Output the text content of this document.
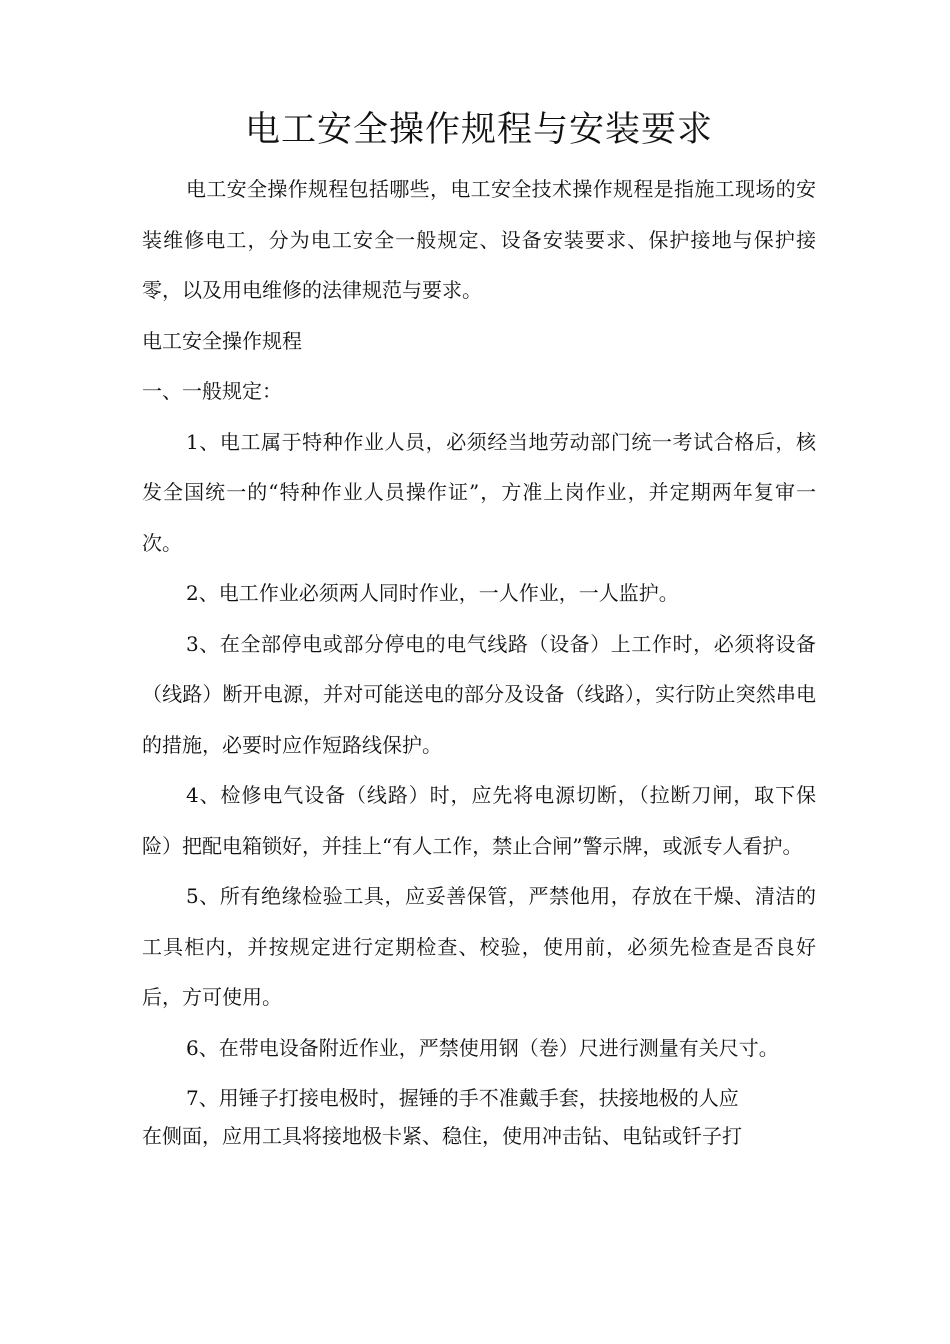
电工安全操作规程与安装要求

电工安全操作规程包括哪些，电工安全技术操作规程是指施工现场的安装维修电工，分为电工安全一般规定、设备安装要求、保护接地与保护接零，以及用电维修的法律规范与要求。

电工安全操作规程

一、一般规定：

1、电工属于特种作业人员，必须经当地劳动部门统一考试合格后，核发全国统一的“特种作业人员操作证”，方准上岗作业，并定期两年复审一次。

2、电工作业必须两人同时作业，一人作业，一人监护。

3、在全部停电或部分停电的电气线路（设备）上工作时，必须将设备（线路）断开电源，并对可能送电的部分及设备（线路），实行防止突然串电的措施，必要时应作短路线保护。

4、检修电气设备（线路）时，应先将电源切断，（拉断刀闸，取下保险）把配电箱锁好，并挂上“有人工作，禁止合闸”警示牌，或派专人看护。

5、所有绝缘检验工具，应妥善保管，严禁他用，存放在干燥、清洁的工具柜内，并按规定进行定期检查、校验，使用前，必须先检查是否良好后，方可使用。

6、在带电设备附近作业，严禁使用钢（卷）尺进行测量有关尺寸。

7、用锤子打接电极时，握锤的手不准戴手套，扶接地极的人应

在侧面，应用工具将接地极卡紧、稳住，使用冲击钻、电钻或钎子打
